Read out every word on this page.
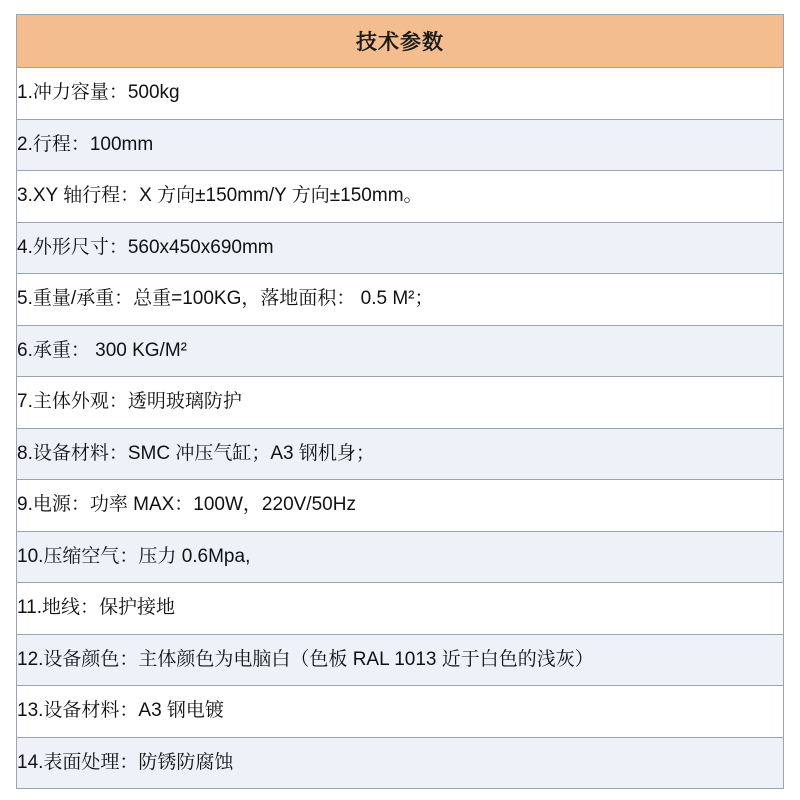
技术参数
1.冲力容量：500kg
2.行程：100mm
3.XY 轴行程：X 方向±150mm/Y 方向±150mm。
4.外形尺寸：560x450x690mm
5.重量/承重：总重=100KG，落地面积： 0.5 M²；
6.承重： 300 KG/M²
7.主体外观：透明玻璃防护
8.设备材料：SMC 冲压气缸；A3 钢机身；
9.电源：功率 MAX：100W，220V/50Hz
10.压缩空气：压力 0.6Mpa,
11.地线：保护接地
12.设备颜色：主体颜色为电脑白（色板 RAL 1013 近于白色的浅灰）
13.设备材料：A3 钢电镀
14.表面处理：防锈防腐蚀
